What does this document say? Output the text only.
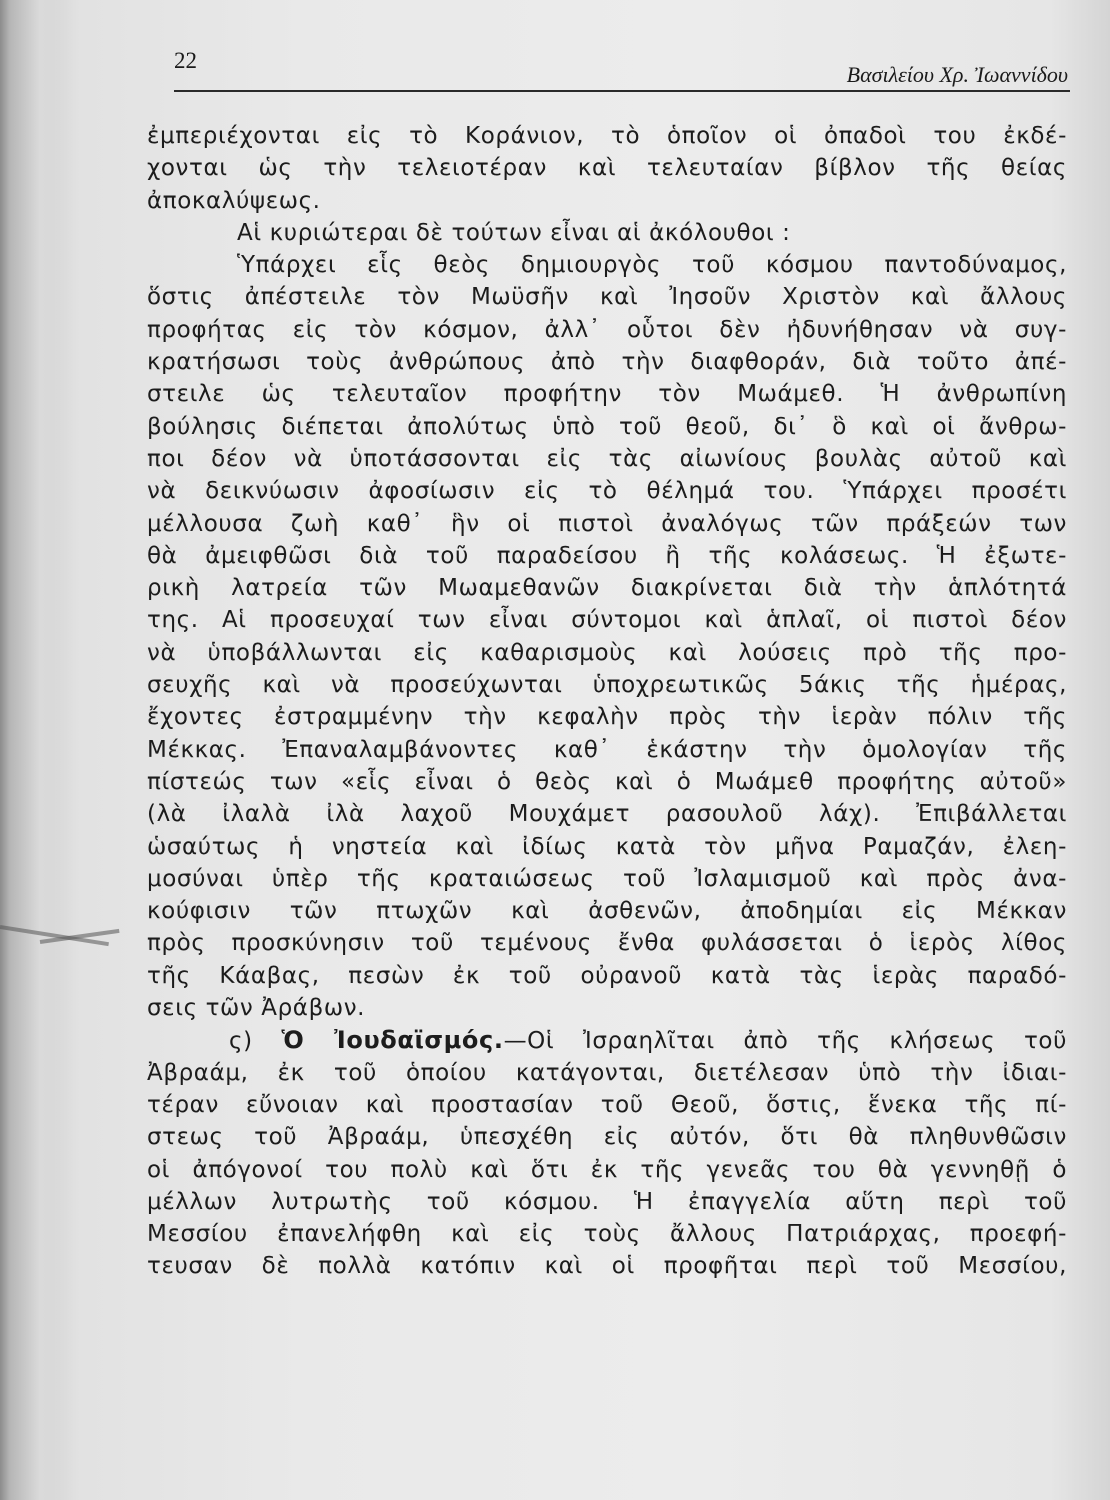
22
Βασιλείου Χρ. Ἰωαννίδου
ἐμπεριέχονται εἰς τὸ Κοράνιον, τὸ ὁποῖον οἱ ὀπαδοὶ του ἐκδέ-
χονται ὡς τὴν τελειοτέραν καὶ τελευταίαν βίβλον τῆς θείας
ἀποκαλύψεως.
Αἱ κυριώτεραι δὲ τούτων εἶναι αἱ ἀκόλουθοι :
Ὑπάρχει εἷς θεὸς δημιουργὸς τοῦ κόσμου παντοδύναμος,
ὅστις ἀπέστειλε τὸν Μωϋσῆν καὶ Ἰησοῦν Χριστὸν καὶ ἄλλους
προφήτας εἰς τὸν κόσμον, ἀλλ᾽ οὗτοι δὲν ἠδυνήθησαν νὰ συγ-
κρατήσωσι τοὺς ἀνθρώπους ἀπὸ τὴν διαφθοράν, διὰ τοῦτο ἀπέ-
στειλε ὡς τελευταῖον προφήτην τὸν Μωάμεθ. Ἡ ἀνθρωπίνη
βούλησις διέπεται ἀπολύτως ὑπὸ τοῦ θεοῦ, δι᾽ ὃ καὶ οἱ ἄνθρω-
ποι δέον νὰ ὑποτάσσονται εἰς τὰς αἰωνίους βουλὰς αὐτοῦ καὶ
νὰ δεικνύωσιν ἀφοσίωσιν εἰς τὸ θέλημά του. Ὑπάρχει προσέτι
μέλλουσα ζωὴ καθ᾽ ἣν οἱ πιστοὶ ἀναλόγως τῶν πράξεών των
θὰ ἀμειφθῶσι διὰ τοῦ παραδείσου ἢ τῆς κολάσεως. Ἡ ἐξωτε-
ρικὴ λατρεία τῶν Μωαμεθανῶν διακρίνεται διὰ τὴν ἁπλότητά
της. Αἱ προσευχαί των εἶναι σύντομοι καὶ ἁπλαῖ, οἱ πιστοὶ δέον
νὰ ὑποβάλλωνται εἰς καθαρισμοὺς καὶ λούσεις πρὸ τῆς προ-
σευχῆς καὶ νὰ προσεύχωνται ὑποχρεωτικῶς 5άκις τῆς ἡμέρας,
ἔχοντες ἐστραμμένην τὴν κεφαλὴν πρὸς τὴν ἱερὰν πόλιν τῆς
Μέκκας. Ἐπαναλαμβάνοντες καθ᾽ ἑκάστην τὴν ὁμολογίαν τῆς
πίστεώς των «εἷς εἶναι ὁ θεὸς καὶ ὁ Μωάμεθ προφήτης αὐτοῦ»
(λὰ ἰλαλὰ ἰλὰ λαχοῦ Μουχάμετ ρασουλοῦ λάχ). Ἐπιβάλλεται
ὡσαύτως ἡ νηστεία καὶ ἰδίως κατὰ τὸν μῆνα Ραμαζάν, ἐλεη-
μοσύναι ὑπὲρ τῆς κραταιώσεως τοῦ Ἰσλαμισμοῦ καὶ πρὸς ἀνα-
κούφισιν τῶν πτωχῶν καὶ ἀσθενῶν, ἀποδημίαι εἰς Μέκκαν
πρὸς προσκύνησιν τοῦ τεμένους ἔνθα φυλάσσεται ὁ ἱερὸς λίθος
τῆς Κάαβας, πεσὼν ἐκ τοῦ οὐρανοῦ κατὰ τὰς ἱερὰς παραδό-
σεις τῶν Ἀράβων.
ς) Ὁ Ἰουδαϊσμός.—Οἱ Ἰσραηλῖται ἀπὸ τῆς κλήσεως τοῦ
Ἀβραάμ, ἐκ τοῦ ὁποίου κατάγονται, διετέλεσαν ὑπὸ τὴν ἰδιαι-
τέραν εὔνοιαν καὶ προστασίαν τοῦ Θεοῦ, ὅστις, ἕνεκα τῆς πί-
στεως τοῦ Ἀβραάμ, ὑπεσχέθη εἰς αὐτόν, ὅτι θὰ πληθυνθῶσιν
οἱ ἀπόγονοί του πολὺ καὶ ὅτι ἐκ τῆς γενεᾶς του θὰ γεννηθῇ ὁ
μέλλων λυτρωτὴς τοῦ κόσμου. Ἡ ἐπαγγελία αὕτη περὶ τοῦ
Μεσσίου ἐπανελήφθη καὶ εἰς τοὺς ἄλλους Πατριάρχας, προεφή-
τευσαν δὲ πολλὰ κατόπιν καὶ οἱ προφῆται περὶ τοῦ Μεσσίου,
